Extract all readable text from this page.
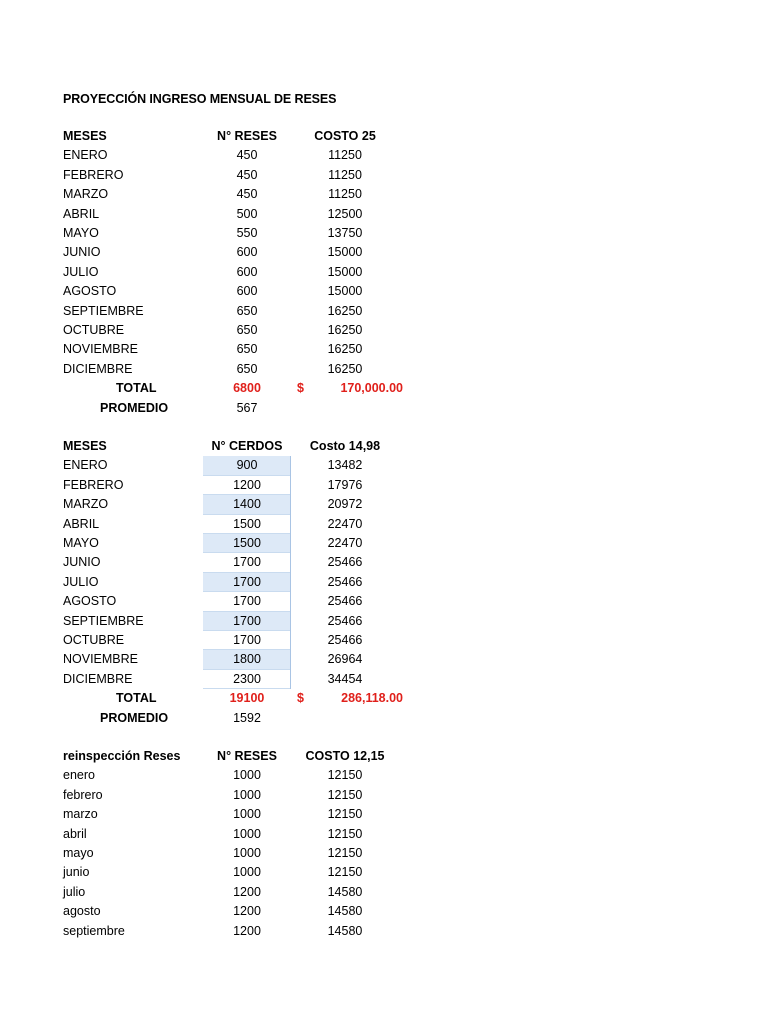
PROYECCIÓN INGRESO MENSUAL DE RESES
MESES	N° RESES	COSTO 25
ENERO	450	11250
FEBRERO	450	11250
MARZO	450	11250
ABRIL	500	12500
MAYO	550	13750
JUNIO	600	15000
JULIO	600	15000
AGOSTO	600	15000
SEPTIEMBRE	650	16250
OCTUBRE	650	16250
NOVIEMBRE	650	16250
DICIEMBRE	650	16250
TOTAL	6800	$	170,000.00
PROMEDIO	567
MESES	N° CERDOS	Costo 14,98
ENERO	900	13482
FEBRERO	1200	17976
MARZO	1400	20972
ABRIL	1500	22470
MAYO	1500	22470
JUNIO	1700	25466
JULIO	1700	25466
AGOSTO	1700	25466
SEPTIEMBRE	1700	25466
OCTUBRE	1700	25466
NOVIEMBRE	1800	26964
DICIEMBRE	2300	34454
TOTAL	19100	$	286,118.00
PROMEDIO	1592
reinspección Reses	N° RESES	COSTO 12,15
enero	1000	12150
febrero	1000	12150
marzo	1000	12150
abril	1000	12150
mayo	1000	12150
junio	1000	12150
julio	1200	14580
agosto	1200	14580
septiembre	1200	14580
